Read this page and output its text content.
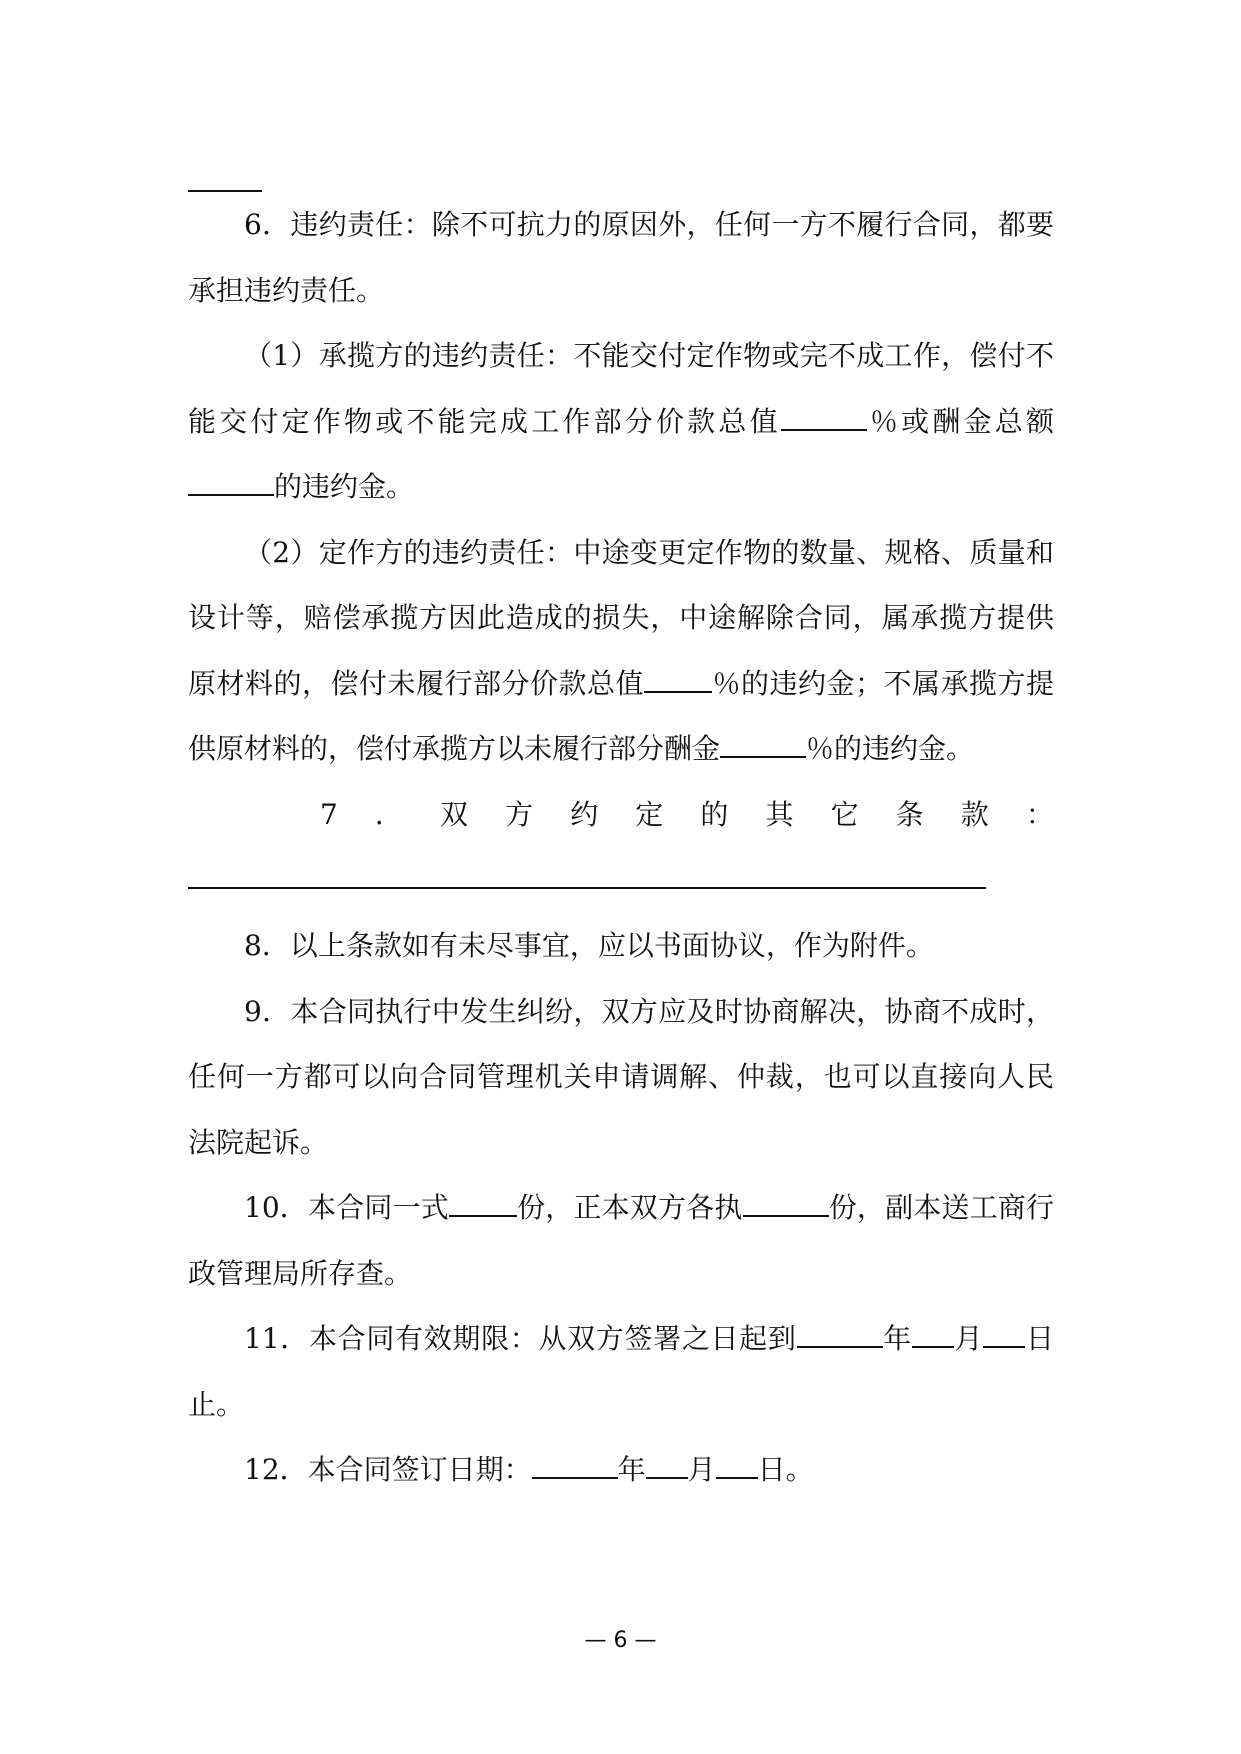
6．违约责任：除不可抗力的原因外，任何一方不履行合同，都要承担违约责任。

（1）承揽方的违约责任：不能交付定作物或完不成工作，偿付不能交付定作物或不能完成工作部分价款总值	％或酬金总额的违约金。

（2）定作方的违约责任：中途变更定作物的数量、规格、质量和设计等，赔偿承揽方因此造成的损失，中途解除合同，属承揽方提供原材料的，偿付未履行部分价款总值 ％的违约金；不属承揽方提供原材料的，偿付承揽方以未履行部分酬金	％的违约金。

7 ． 双 方 约 定 的 其 它 条 款 ：

8．以上条款如有未尽事宜，应以书面协议，作为附件。

9．本合同执行中发生纠纷，双方应及时协商解决，协商不成时，任何一方都可以向合同管理机关申请调解、仲裁，也可以直接向人民法院起诉。

10．本合同一式 份，正本双方各执	份，副本送工商行政管理局所存查。

11．本合同有效期限：从双方签署之日起到	年 月 日止。

12．本合同签订日期：	年 月 日。

— 6 —
